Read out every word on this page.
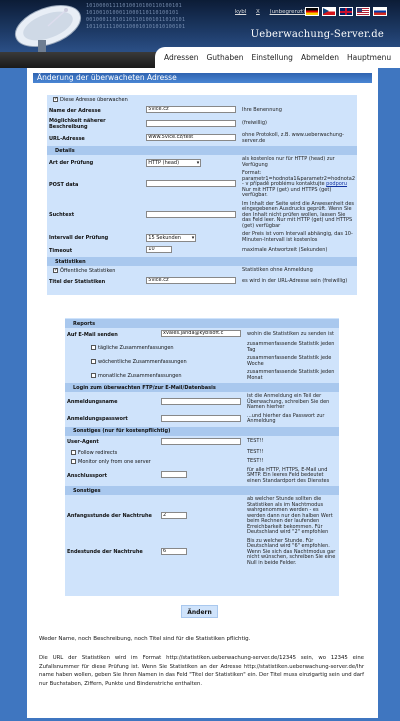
10100001111010010100110100101
1010010100011000110110100101
001000110101101101001011010101
101101111001100010101010100101
kybl X (unbegrenzt)
Ueberwachung-Server.de
Adressen	Guthaben	Einstellung	Abmelden	Hauptmenu
Änderung der überwacheten Adresse
✓ Diese Adresse überwachen		
Name der Adresse	5vice.cz	Ihre Benennung
Möglichkeit näherer Beschreibung		(freiwillig)
URL-Adresse	www.5vice.cz/test	ohne Protokoll, z.B. www.ueberwachung-server.de
Details		
Art der Prüfung	HTTP (head) ▾	als kostenlos nur für HTTP (head) zur Verfügung
POST data		Format: parametr1=hodnota1&parametr2=hodnota2 - v případě problému kontaktujte podporu
Nur mit HTTP (get) und HTTPS (get) verfügbar.
Suchtext		Im Inhalt der Seite wird die Anwesenheit des eingegebenen Ausdrucks geprüft. Wenn Sie den Inhalt nicht prüfen wollen, lassen Sie das Feld leer. Nur mit HTTP (get) und HTTPS (get) verfügbar
Intervall der Prüfung	15 Sekunden ▾	der Preis ist vom Intervall abhängig, das 10-Minuten-Intervall ist kostenlos
Timeout	10	maximale Antwortzeit (Sekunden)
Statistiken		
✓ Öffentliche Statistiken		Statistiken ohne Anmeldung
Titel der Statistiken	5vice.cz	es wird in der URL-Adresse sein (freiwillig)
Reports		
Auf E-Mail senden	xvales.janda@kyblsoft.c	wohin die Statistiken zu senden ist
tägliche Zusammenfassungen		zusammenfassende Statistik jeden Tag
wöchentliche Zusammenfassungen		zusammenfassende Statistik jede Woche
monatliche Zusammenfassungen		zusammenfassende Statistik jeden Monat
Login zum überwachten FTP/zur E-Mail/Datenbasis		
Anmeldungsname		ist die Anmeldung ein Teil der Überwachung, schreiben Sie den Namen hierher
Anmeldungspasswort		...und hierher das Passwort zur Anmeldung
Sonstiges (nur für kostenpflichtig)		
User-Agent		TEST!!
Follow redirects		TEST!!
Monitor only from one server		TEST!!
Anschlussport		für alle HTTP, HTTPS, E-Mail und SMTP. Ein leeres Feld bedeutet einen Standardport des Dienstes
Sonstiges		
Anfangsstunde der Nachtruhe	2	ab welcher Stunde sollten die Statistiken als im Nachtmodus wahrgenommen werden - es werden dann nur den halben Wert beim Rechnen der laufenden Erreichbarkeit bekommen. Für Deutschland wird "2" empfohlen
Endestunde der Nachtruhe	6	Bis zu welcher Stunde. Für Deutschland wird "6" empfohlen. Wenn Sie sich das Nachtmodus gar nicht wünschen, schreiben Sie eine Null in beide Felder.
Ändern
Weder Name, noch Beschreibung, noch Titel sind für die Statistiken pflichtig.
Die URL der Statistiken wird im Format http://statistiken.ueberwachung-server.de/12345 sein, wo 12345 eine Zufallsnummer für diese Prüfung ist. Wenn Sie Statistiken an der Adresse http://statistiken.ueberwachung-server.de/Ihr name haben wollen, geben Sie Ihren Namen in das Feld "Titel der Statistiken" ein. Der Titel muss einzigartig sein und darf nur Buchstaben, Ziffern, Punkte und Bindenstriche enthalten.
© KYBLSoft, Moonlake, s.r.o. 2006-2007
